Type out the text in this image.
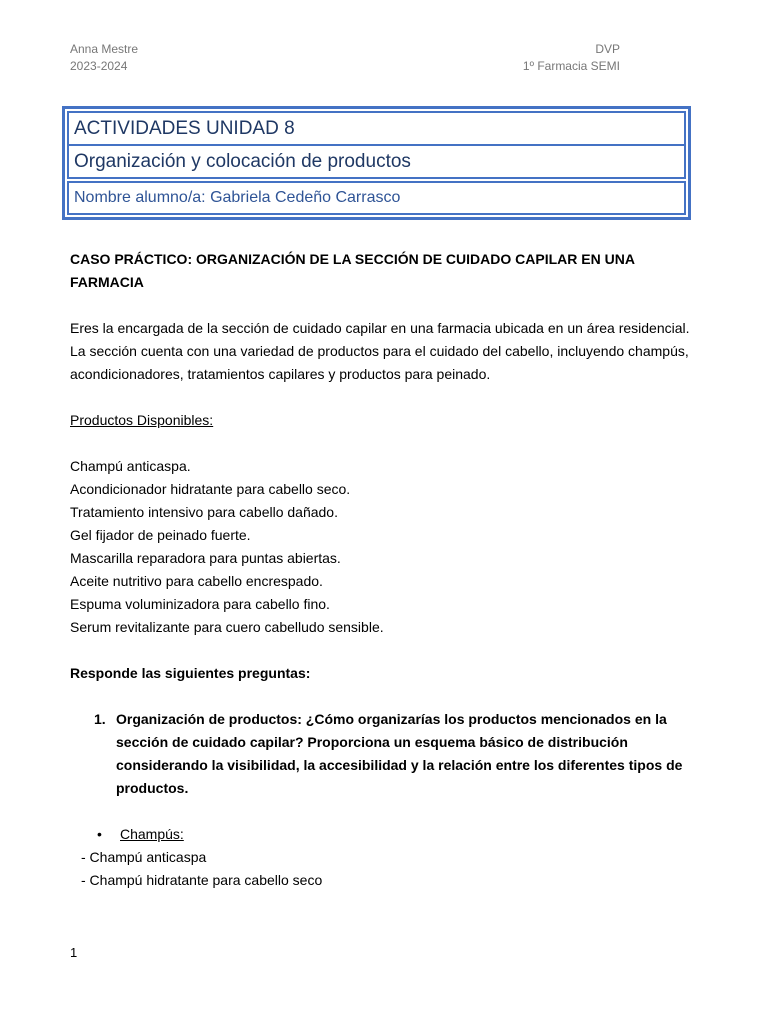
Anna Mestre
2023-2024
DVP
1º Farmacia SEMI
ACTIVIDADES UNIDAD 8
Organización y colocación de productos
Nombre alumno/a: Gabriela Cedeño Carrasco

CASO PRÁCTICO: ORGANIZACIÓN DE LA SECCIÓN DE CUIDADO CAPILAR EN UNA FARMACIA

Eres la encargada de la sección de cuidado capilar en una farmacia ubicada en un área residencial. La sección cuenta con una variedad de productos para el cuidado del cabello, incluyendo champús, acondicionadores, tratamientos capilares y productos para peinado.

Productos Disponibles:

Champú anticaspa.

Acondicionador hidratante para cabello seco.

Tratamiento intensivo para cabello dañado.

Gel fijador de peinado fuerte.

Mascarilla reparadora para puntas abiertas.

Aceite nutritivo para cabello encrespado.

Espuma voluminizadora para cabello fino.

Serum revitalizante para cuero cabelludo sensible.

Responde las siguientes preguntas:

1. Organización de productos: ¿Cómo organizarías los productos mencionados en la sección de cuidado capilar? Proporciona un esquema básico de distribución considerando la visibilidad, la accesibilidad y la relación entre los diferentes tipos de productos.
•	Champús:

- Champú anticaspa

- Champú hidratante para cabello seco

1
